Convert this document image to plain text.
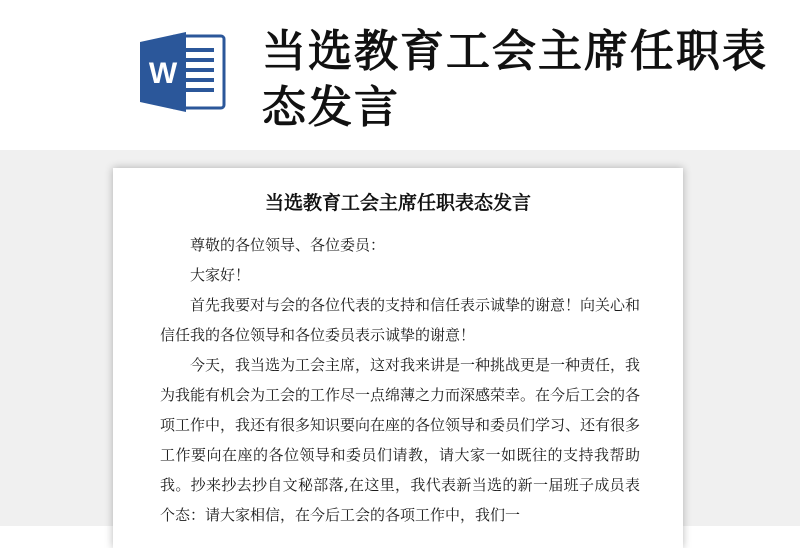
W 当选教育工会主席任职表态发言
当选教育工会主席任职表态发言

尊敬的各位领导、各位委员：

大家好！

首先我要对与会的各位代表的支持和信任表示诚挚的谢意！向关心和信任我的各位领导和各位委员表示诚挚的谢意！

今天，我当选为工会主席，这对我来讲是一种挑战更是一种责任，我为我能有机会为工会的工作尽一点绵薄之力而深感荣幸。在今后工会的各项工作中，我还有很多知识要向在座的各位领导和委员们学习、还有很多工作要向在座的各位领导和委员们请教，请大家一如既往的支持我帮助我。抄来抄去抄自文秘部落,在这里，我代表新当选的新一届班子成员表个态：请大家相信，在今后工会的各项工作中，我们一
